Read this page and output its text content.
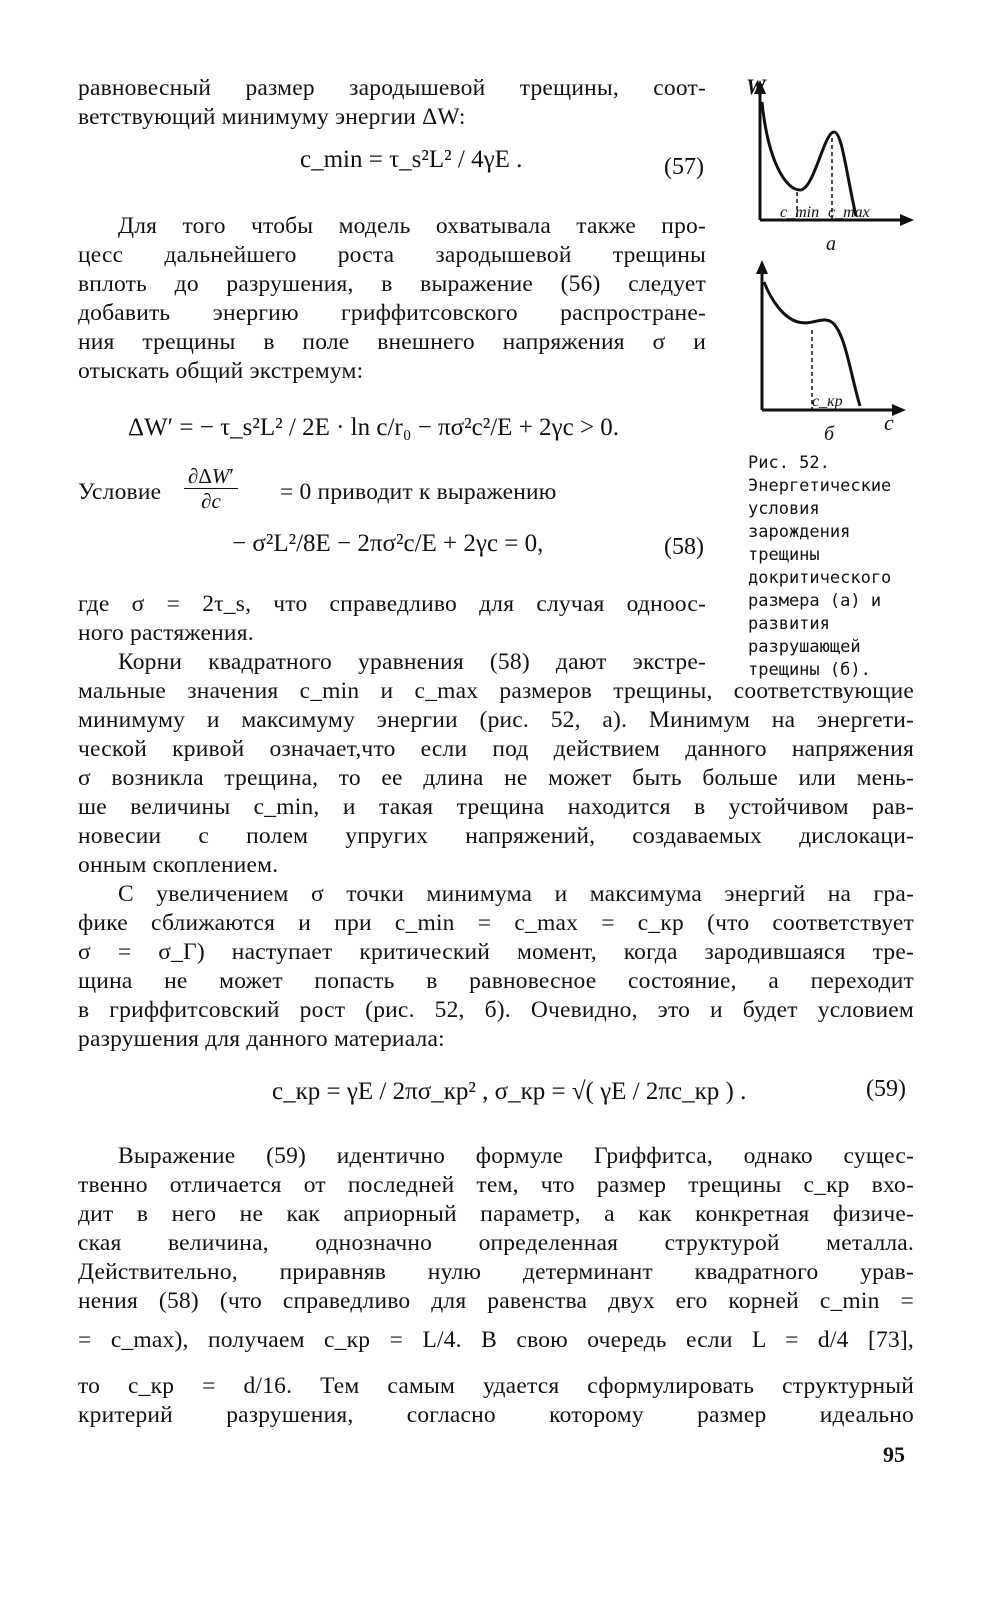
равновесный размер зародышевой трещины, соот-
ветствующий минимуму энергии ΔW:
c_min = τ_s²L² / 4γE .	(57)
Для того чтобы модель охватывала также про-
цесс дальнейшего роста зародышевой трещины
вплоть до разрушения, в выражение (56) следует
добавить энергию гриффитсовского распростране-
ния трещины в поле внешнего напряжения σ и
отыскать общий экстремум:
ΔW′ = − τ_s²L² / 2E · ln c/r₀ − πσ²c²/E + 2γc > 0.
Условие
∂ΔW′
∂c	= 0 приводит к выражению
− σ²L²/8E − 2πσ²c/E + 2γc = 0,	(58)
где σ = 2τ_s, что справедливо для случая одноос-
ного растяжения.
Корни квадратного уравнения (58) дают экстре-
мальные значения c_min и c_max размеров трещины, соответствующие
минимуму и максимуму энергии (рис. 52, а). Минимум на энергети-
ческой кривой означает,что если под действием данного напряжения
σ возникла трещина, то ее длина не может быть больше или мень-
ше величины c_min, и такая трещина находится в устойчивом рав-
новесии с полем упругих напряжений, создаваемых дислокаци-
онным скоплением.
С увеличением σ точки минимума и максимума энергий на гра-
фике сближаются и при c_min = c_max = c_кр (что соответствует
σ = σ_Г) наступает критический момент, когда зародившаяся тре-
щина не может попасть в равновесное состояние, а переходит
в гриффитсовский рост (рис. 52, б). Очевидно, это и будет условием
разрушения для данного материала:
c_кр = γE / 2πσ_кр² , σ_кр = √( γE / 2πc_кр ) .	(59)
Выражение (59) идентично формуле Гриффитса, однако сущес-
твенно отличается от последней тем, что размер трещины c_кр вхо-
дит в него не как априорный параметр, а как конкретная физиче-
ская величина, однозначно определенная структурой металла.
Действительно, приравняв нулю детерминант квадратного урав-
нения (58) (что справедливо для равенства двух его корней c_min =
= c_max), получаем c_кр = L/4. В свою очередь если L = d/4 [73],
то c_кр = d/16. Тем самым удается сформулировать структурный
критерий разрушения, согласно которому размер идеально
95
W
c_min c_max
а
c_кр
c
б
Рис. 52. Энергетические условия зарождения трещины докритического размера (а) и развития разрушающей трещины (б).
